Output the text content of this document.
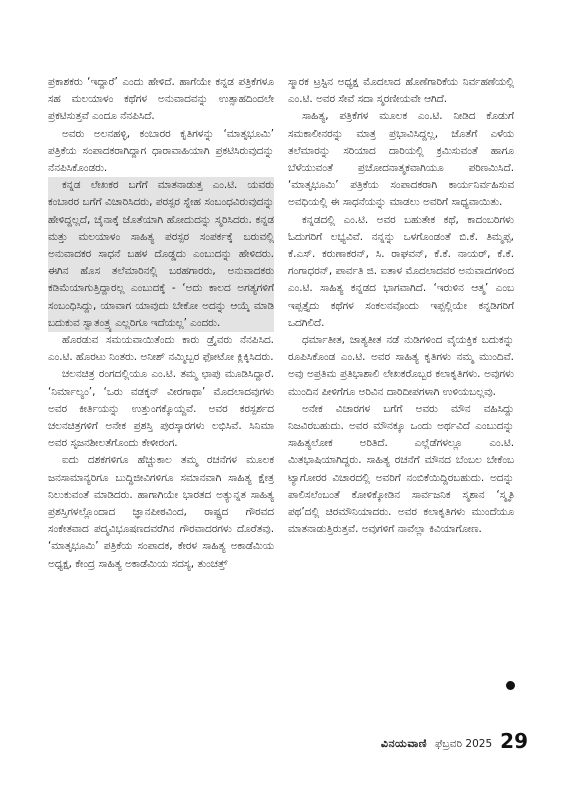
ಪ್ರಕಾಶಕರು ‘ಇದ್ದಾರೆ’ ಎಂದು ಹೇಳಿದೆ. ಹಾಗೆಯೇ ಕನ್ನಡ ಪತ್ರಿಕೆಗಳೂ ಸಹ ಮಲಯಾಳಂ ಕಥೆಗಳ ಅನುವಾದವನ್ನು ಉತ್ಸಾಹದಿಂದಲೇ ಪ್ರಕಟಿಸುತ್ತವೆ ಎಂದೂ ನೆನಪಿಸಿದೆ.

ಅವರು ಅಲನಹಳ್ಳಿ, ಕಂಬಾರರ ಕೃತಿಗಳನ್ನು ‘ಮಾತೃಭೂಮಿ’ ಪತ್ರಿಕೆಯ ಸಂಪಾದಕರಾಗಿದ್ದಾಗ ಧಾರಾವಾಹಿಯಾಗಿ ಪ್ರಕಟಿಸಿರುವುದನ್ನು ನೆನಪಿಸಿಕೊಂಡರು.

ಕನ್ನಡ ಲೇಖಕರ ಬಗೆಗೆ ಮಾತನಾಡುತ್ತ ಎಂ.ಟಿ. ಯವರು ಕಂಬಾರರ ಬಗೆಗೆ ವಿಚಾರಿಸಿದರು, ಪರಸ್ಪರ ಸ್ನೇಹ ಸಂಬಂಧವಿರುವುದನ್ನು ಹೇಳಿದ್ದಲ್ಲದೆ, ಚೈನಾಕ್ಕೆ ಜೊತೆಯಾಗಿ ಹೋದುದನ್ನು ಸ್ಮರಿಸಿದರು. ಕನ್ನಡ ಮತ್ತು ಮಲಯಾಳಂ ಸಾಹಿತ್ಯ ಪರಸ್ಪರ ಸಂಪರ್ಕಕ್ಕೆ ಬರುವಲ್ಲಿ ಅನುವಾದಕರ ಸಾಧನೆ ಬಹಳ ದೊಡ್ಡದು ಎಂಬುದನ್ನು ಹೇಳಿದರು. ಈಗಿನ ಹೊಸ ತಲೆಮಾರಿನಲ್ಲಿ ಬರಹಗಾರರು, ಅನುವಾದಕರು ಕಡಿಮೆಯಾಗುತ್ತಿದ್ದಾರಲ್ಲ ಎಂಬುದಕ್ಕೆ - ‘ಅದು ಕಾಲದ ಅಗತ್ಯಗಳಿಗೆ ಸಂಬಂಧಿಸಿದ್ದು, ಯಾವಾಗ ಯಾವುದು ಬೇಕೋ ಅದನ್ನು ಆಯ್ಕೆ ಮಾಡಿ ಬದುಕುವ ಸ್ವಾತಂತ್ರ್ಯ ಎಲ್ಲರಿಗೂ ಇದೆಯಲ್ಲ’ ಎಂದರು.

ಹೊರಡುವ ಸಮಯವಾಯಿತೆಂದು ಕಾರು ಡ್ರೈವರು ನೆನಪಿಸಿದ. ಎಂ.ಟಿ. ಹೊರಟು ನಿಂತರು. ಅನೀಶ್ ನಮ್ಮಿಬ್ಬರ ಫೋಟೋ ಕ್ಲಿಕ್ಕಿಸಿದರು.

ಚಲನಚಿತ್ರ ರಂಗದಲ್ಲಿಯೂ ಎಂ.ಟಿ. ತಮ್ಮ ಛಾಪು ಮೂಡಿಸಿದ್ದಾರೆ. ‘ನಿರ್ಮಾಲ್ಯಂ’, ‘ಒರು ವಡಕ್ಕನ್ ವೀರಗಾಥಾ’ ಮೊದಲಾದವುಗಳು ಅವರ ಕೀರ್ತಿಯನ್ನು ಉತ್ತುಂಗಕ್ಕೊಯ್ದವೆ. ಅವರ ಕರಸ್ಪರ್ಶದ ಚಲನಚಿತ್ರಗಳಿಗೆ ಅನೇಕ ಪ್ರಶಸ್ತಿ ಪುರಸ್ಕಾರಗಳು ಲಭಿಸಿವೆ. ಸಿನಿಮಾ ಅವರ ಸೃಜನಶೀಲತೆಗೊಂದು ಕೇಳೀರಂಗ.

ಐದು ದಶಕಗಳಿಗೂ ಹೆಚ್ಚುಕಾಲ ತಮ್ಮ ರಚನೆಗಳ ಮೂಲಕ ಜನಸಾಮಾನ್ಯರಿಗೂ ಬುದ್ಧಿಜೀವಿಗಳಿಗೂ ಸಮಾನವಾಗಿ ಸಾಹಿತ್ಯ ಕ್ಷೇತ್ರ ನಿಲುಕುವಂತೆ ಮಾಡಿದರು. ಹಾಗಾಗಿಯೇ ಭಾರತದ ಅತ್ಯುನ್ನತ ಸಾಹಿತ್ಯ ಪ್ರಶಸ್ತಿಗಳಲ್ಲೊಂದಾದ ಜ್ಞಾನಪೀಠವಿಂದ, ರಾಷ್ಟ್ರದ ಗೌರವದ ಸಂಕೇತವಾದ ಪದ್ಮವಿಭೂಷಣದವರೆಗಿನ ಗೌರವಾದರಗಳು ದೊರೆತವು. ‘ಮಾತೃಭೂಮಿ’ ಪತ್ರಿಕೆಯ ಸಂಪಾದಕ, ಕೇರಳ ಸಾಹಿತ್ಯ ಅಕಾಡೆಮಿಯ ಅಧ್ಯಕ್ಷ, ಕೇಂದ್ರ ಸಾಹಿತ್ಯ ಅಕಾಡೆಮಿಯ ಸದಸ್ಯ, ತುಂಚತ್ತ್

ಸ್ಮಾರಕ ಟ್ರಸ್ಟಿನ ಅಧ್ಯಕ್ಷ ಮೊದಲಾದ ಹೊಣೆಗಾರಿಕೆಯ ನಿರ್ವಹಣೆಯಲ್ಲಿ ಎಂ.ಟಿ. ಅವರ ಸೇವೆ ಸದಾ ಸ್ಮರಣೀಯವೇ ಆಗಿದೆ.

ಸಾಹಿತ್ಯ, ಪತ್ರಿಕೆಗಳ ಮೂಲಕ ಎಂ.ಟಿ. ನೀಡಿದ ಕೊಡುಗೆ ಸಮಕಾಲೀನರನ್ನು ಮಾತ್ರ ಪ್ರಭಾವಿಸಿದ್ದಲ್ಲ, ಜೊತೆಗೆ ಎಳೆಯ ತಲೆಮಾರನ್ನು ಸರಿಯಾದ ದಾರಿಯಲ್ಲಿ ಕ್ರಮಿಸುವಂತೆ ಹಾಗೂ ಬೆಳೆಯುವಂತೆ ಪ್ರಚೋದನಾತ್ಮಕವಾಗಿಯೂ ಪರಿಣಮಿಸಿದೆ. ‘ಮಾತೃಭೂಮಿ’ ಪತ್ರಿಕೆಯ ಸಂಪಾದಕರಾಗಿ ಕಾರ್ಯನಿರ್ವಹಿಸುವ ಅವಧಿಯಲ್ಲಿ ಈ ಸಾಧನೆಯನ್ನು ಮಾಡಲು ಅವರಿಗೆ ಸಾಧ್ಯವಾಯಿತು.

ಕನ್ನಡದಲ್ಲಿ ಎಂ.ಟಿ. ಅವರ ಬಹುತೇಕ ಕಥೆ, ಕಾದಂಬರಿಗಳು ಓದುಗರಿಗೆ ಲಭ್ಯವಿವೆ. ನನ್ನನ್ನು ಒಳಗೊಂಡಂತೆ ಬಿ.ಕೆ. ತಿಮ್ಮಪ್ಪ, ಕೆ.ಎಸ್. ಕರುಣಾಕರನ್, ಸಿ. ರಾಘವನ್, ಕೆ.ಕೆ. ನಾಯರ್, ಕೆ.ಕೆ. ಗಂಗಾಧರನ್, ಪಾರ್ವತಿ ಜಿ. ಐತಾಳ ಮೊದಲಾದವರ ಅನುವಾದಗಳಿಂದ ಎಂ.ಟಿ. ಸಾಹಿತ್ಯ ಕನ್ನಡದ ಭಾಗವಾಗಿದೆ. ‘ಇರುಳಿನ ಆತ್ಮ’ ಎಂಬ ಇಪ್ಪತ್ತೈದು ಕಥೆಗಳ ಸಂಕಲನವೊಂದು ಇಪ್ಪಲ್ಲಿಯೇ ಕನ್ನಡಿಗರಿಗೆ ಒದಗಿಲಿದೆ.

ಧರ್ಮಾತೀತ, ಜಾತ್ಯತೀತ ನಡೆ ನುಡಿಗಳಿಂದ ವೈಯಕ್ತಿಕ ಬದುಕನ್ನು ರೂಪಿಸಿಕೊಂಡ ಎಂ.ಟಿ. ಅವರ ಸಾಹಿತ್ಯ ಕೃತಿಗಳು ನಮ್ಮ ಮುಂದಿವೆ. ಅವು ಅಪ್ರತಿಮ ಪ್ರತಿಭಾಶಾಲಿ ಲೇಖಕರೊಬ್ಬರ ಕಲಾಕೃತಿಗಳು. ಅವುಗಳು ಮುಂದಿನ ಪೀಳಿಗೆಗೂ ಅರಿವಿನ ದಾರಿದೀಪಗಳಾಗಿ ಉಳಿಯಬಲ್ಲವು.

ಅನೇಕ ವಿಚಾರಗಳ ಬಗೆಗೆ ಅವರು ಮೌನ ವಹಿಸಿದ್ದು ನಿಜವಿರಬಹುದು. ಅವರ ಮೌನಕ್ಕೂ ಒಂದು ಅರ್ಥವಿದೆ ಎಂಬುದನ್ನು ಸಾಹಿತ್ಯಲೋಕ ಅರಿತಿದೆ. ಎಲ್ಲೆಡೆಗಳಲ್ಲೂ ಎಂ.ಟಿ. ಮಿತಭಾಷಿಯಾಗಿದ್ದರು. ಸಾಹಿತ್ಯ ರಚನೆಗೆ ಮೌನದ ಬೆಂಬಲ ಬೇಕೆಂಬ ಟ್ಯಾಗೋರರ ವಿಚಾರದಲ್ಲಿ ಅವರಿಗೆ ನಂಬಿಕೆಯಿದ್ದಿರಬಹುದು. ಅದನ್ನು ಪಾಲಿಸಲೆಂಬಂತೆ ಕೋಳಿಕ್ಕೋಡಿನ ಸಾರ್ವಜನಿಕ ಸ್ಮಶಾನ ‘ಸ್ಮೃತಿ ಪಥ’ದಲ್ಲಿ ಚಿರಮೌನಿಯಾದರು. ಅವರ ಕಲಾಕೃತಿಗಳು ಮುಂದೆಯೂ ಮಾತನಾಡುತ್ತಿರುತ್ತವೆ. ಅವುಗಳಿಗೆ ನಾವೆಲ್ಲಾ ಕಿವಿಯಾಗೋಣ.

ವಿನಯವಾಣಿ ಫೆಬ್ರವರಿ 2025 29
